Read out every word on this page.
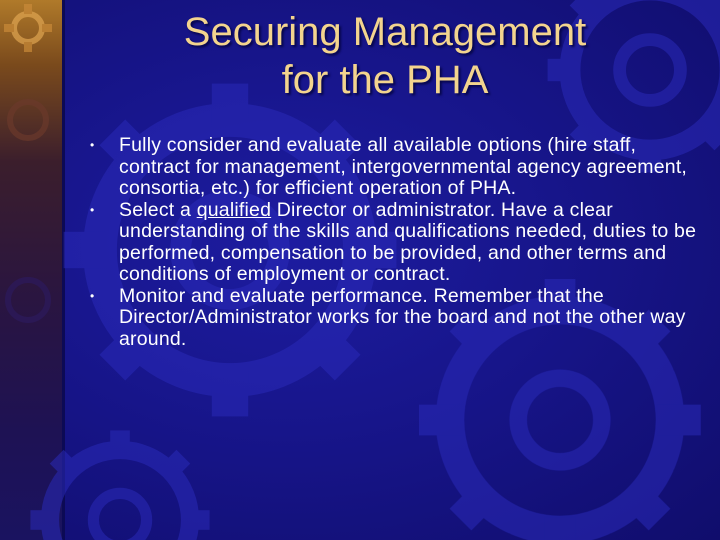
Securing Management
for the PHA
• Fully consider and evaluate all available options (hire staff, contract for management, intergovernmental agency agreement, consortia, etc.) for efficient operation of PHA.
• Select a qualified Director or administrator. Have a clear understanding of the skills and qualifications needed, duties to be performed, compensation to be provided, and other terms and conditions of employment or contract.
• Monitor and evaluate performance. Remember that the Director/Administrator works for the board and not the other way around.
